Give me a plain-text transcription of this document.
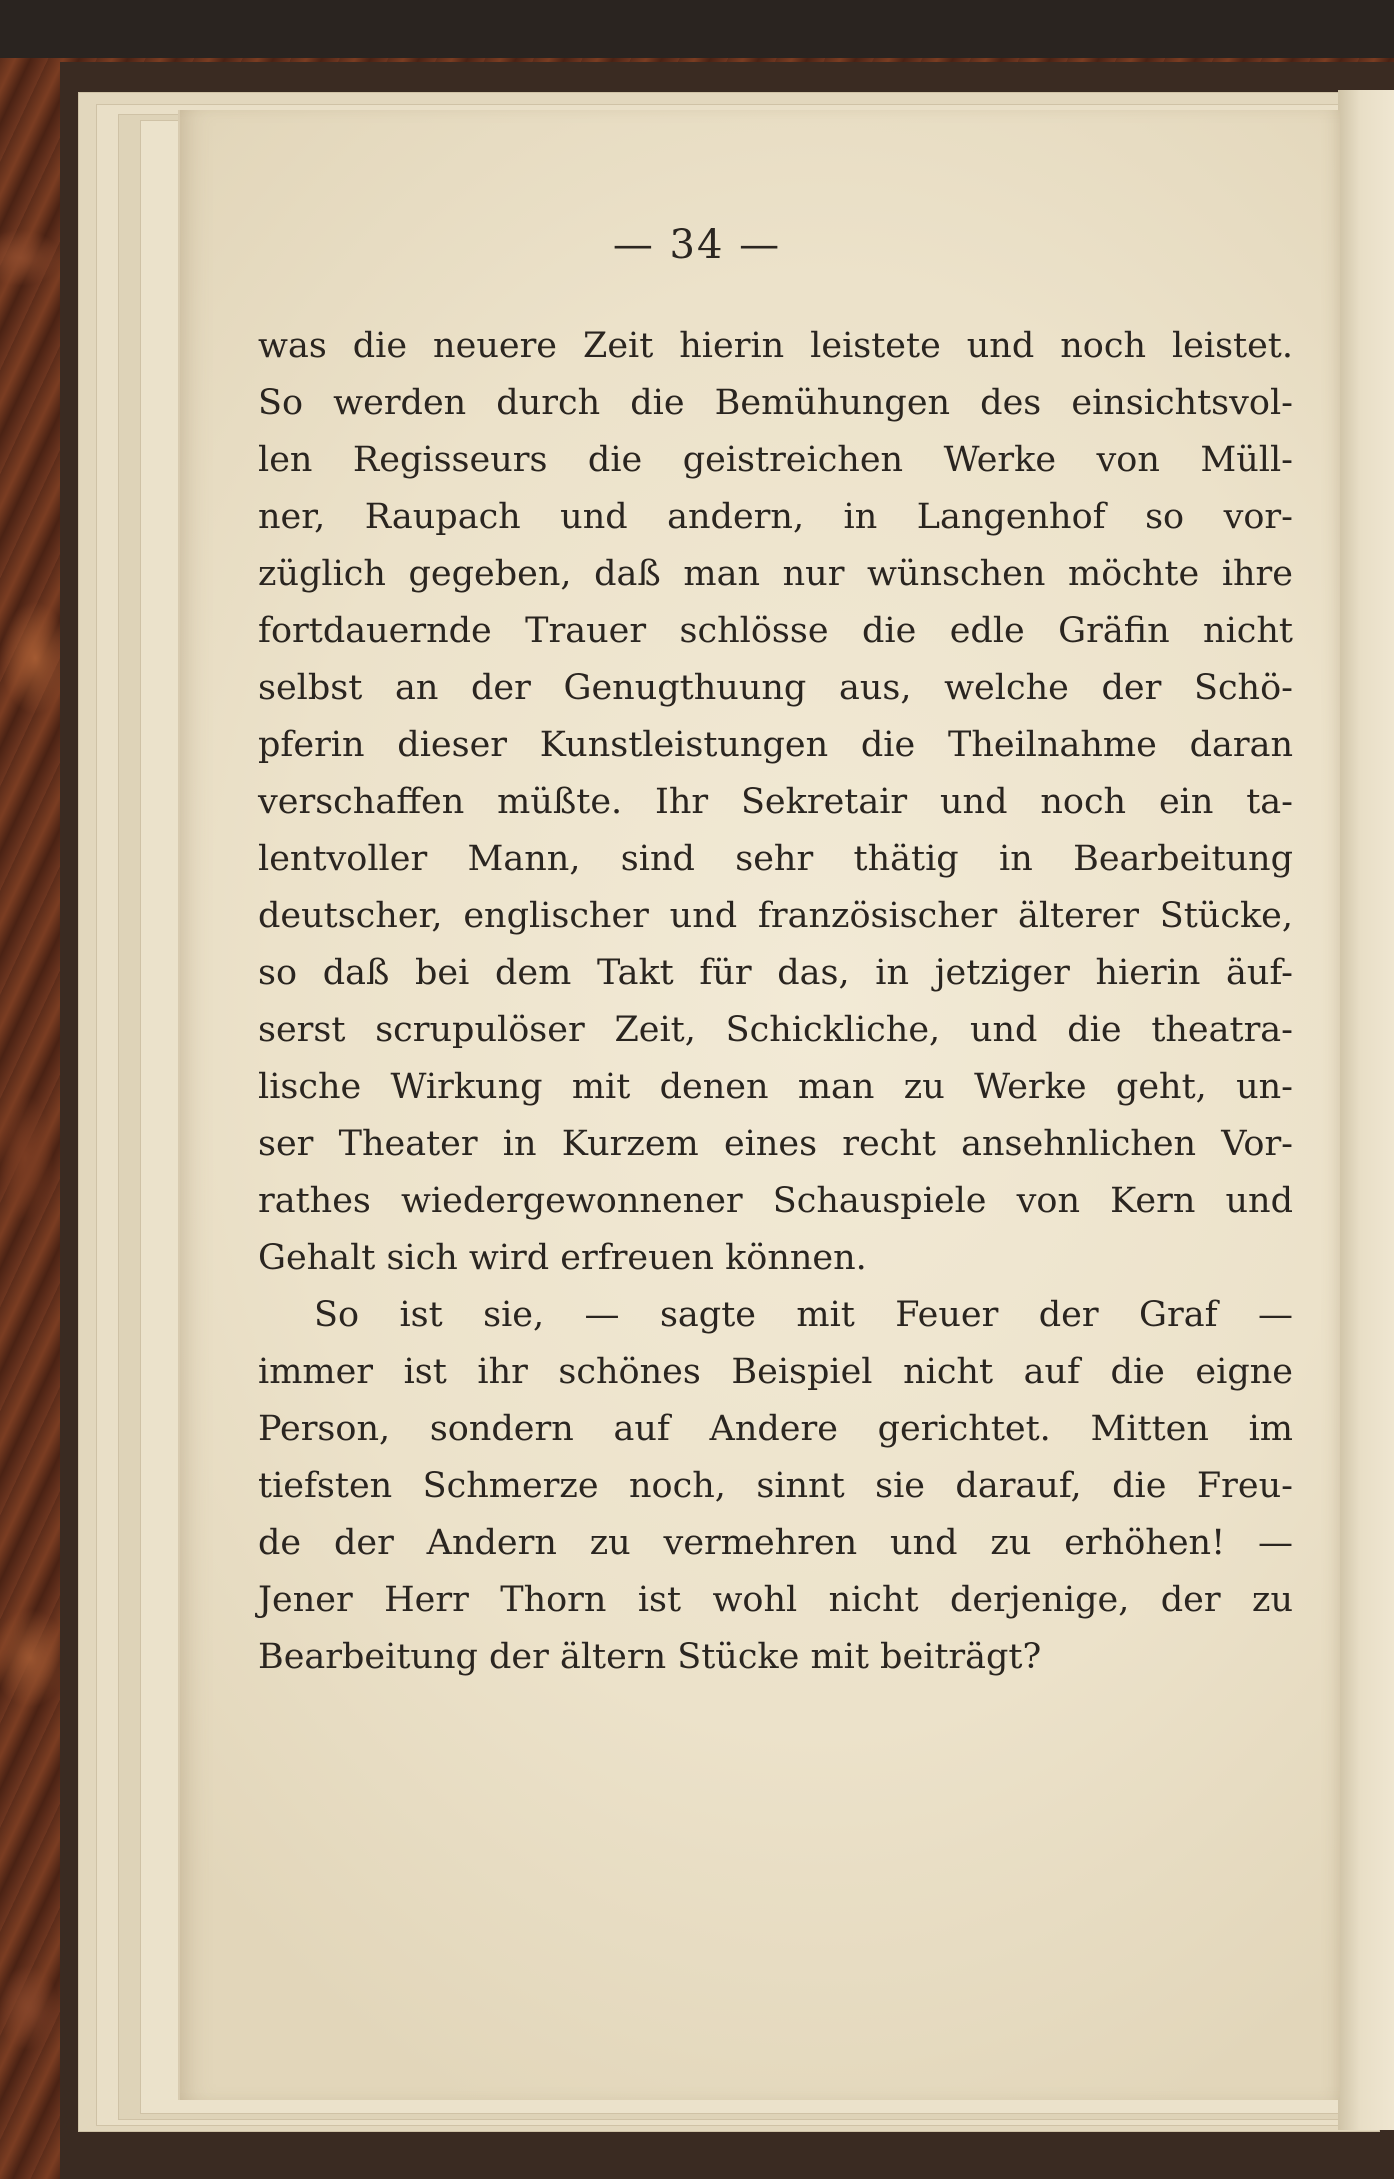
— 34 —
was die neuere Zeit hierin leistete und noch leistet.
So werden durch die Bemühungen des einsichtsvol-
len Regisseurs die geistreichen Werke von Müll-
ner, Raupach und andern, in Langenhof so vor-
züglich gegeben, daß man nur wünschen möchte ihre
fortdauernde Trauer schlösse die edle Gräfin nicht
selbst an der Genugthuung aus, welche der Schö-
pferin dieser Kunstleistungen die Theilnahme daran
verschaffen müßte. Ihr Sekretair und noch ein ta-
lentvoller Mann, sind sehr thätig in Bearbeitung
deutscher, englischer und französischer älterer Stücke,
so daß bei dem Takt für das, in jetziger hierin äuf-
serst scrupulöser Zeit, Schickliche, und die theatra-
lische Wirkung mit denen man zu Werke geht, un-
ser Theater in Kurzem eines recht ansehnlichen Vor-
rathes wiedergewonnener Schauspiele von Kern und
Gehalt sich wird erfreuen können.
So ist sie, — sagte mit Feuer der Graf —
immer ist ihr schönes Beispiel nicht auf die eigne
Person, sondern auf Andere gerichtet. Mitten im
tiefsten Schmerze noch, sinnt sie darauf, die Freu-
de der Andern zu vermehren und zu erhöhen! —
Jener Herr Thorn ist wohl nicht derjenige, der zu
Bearbeitung der ältern Stücke mit beiträgt?
